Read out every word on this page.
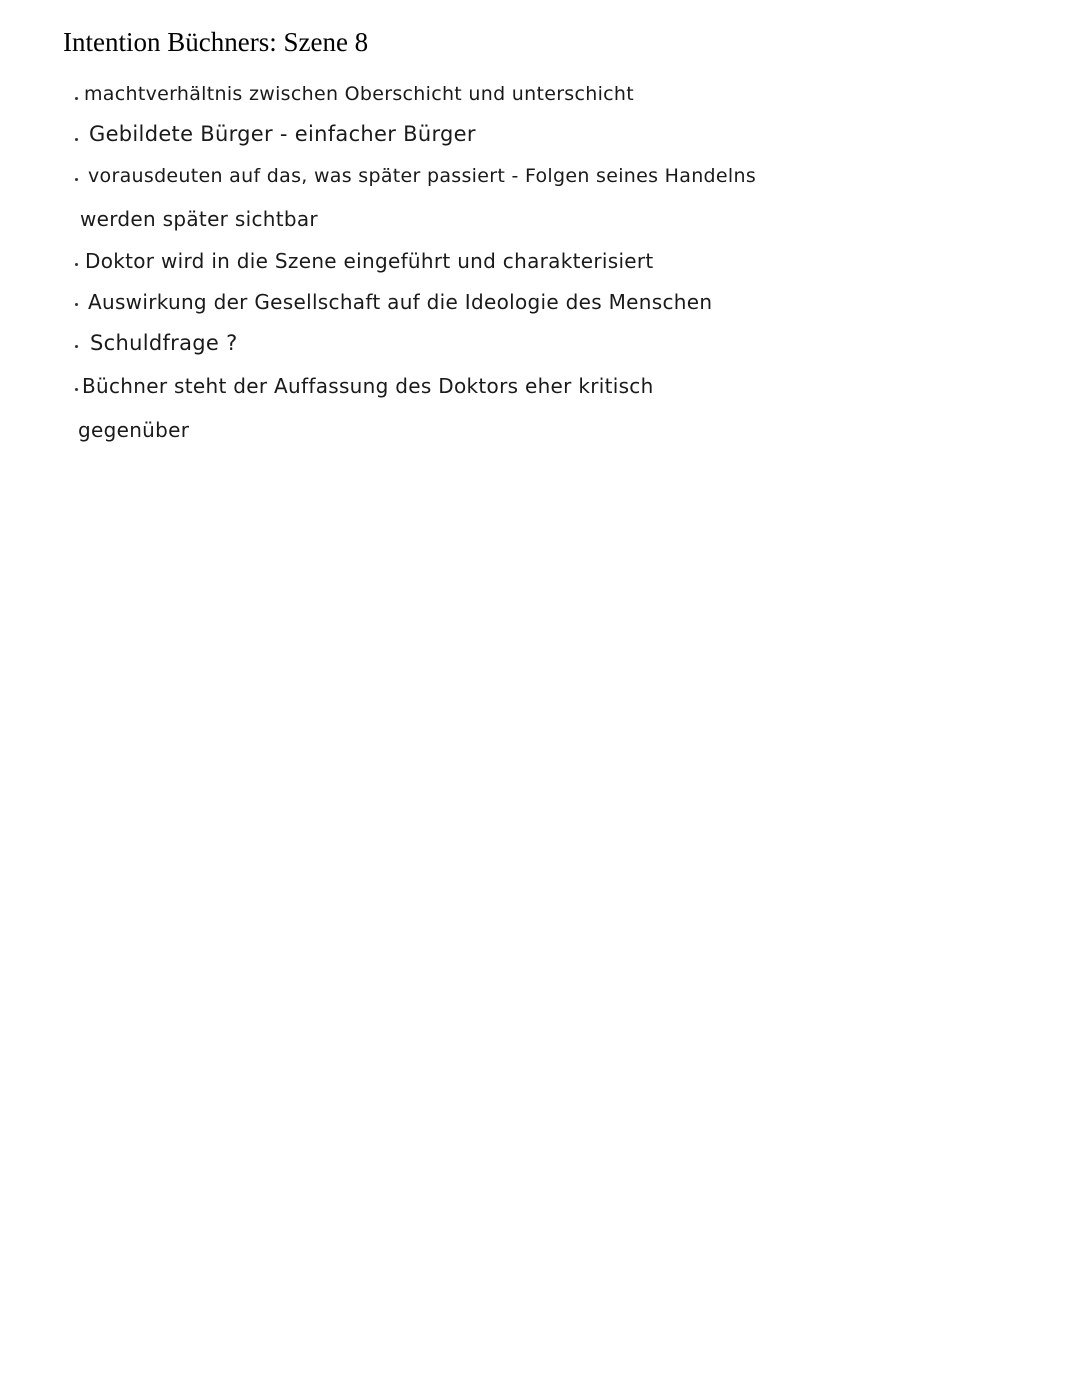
Intention Büchners: Szene 8
machtverhältnis zwischen Oberschicht und unterschicht
Gebildete Bürger - einfacher Bürger
vorausdeuten auf das, was später passiert - Folgen seines Handelns
werden später sichtbar
Doktor wird in die Szene eingeführt und charakterisiert
Auswirkung der Gesellschaft auf die Ideologie des Menschen
Schuldfrage ?
Büchner steht der Auffassung des Doktors eher kritisch
gegenüber
